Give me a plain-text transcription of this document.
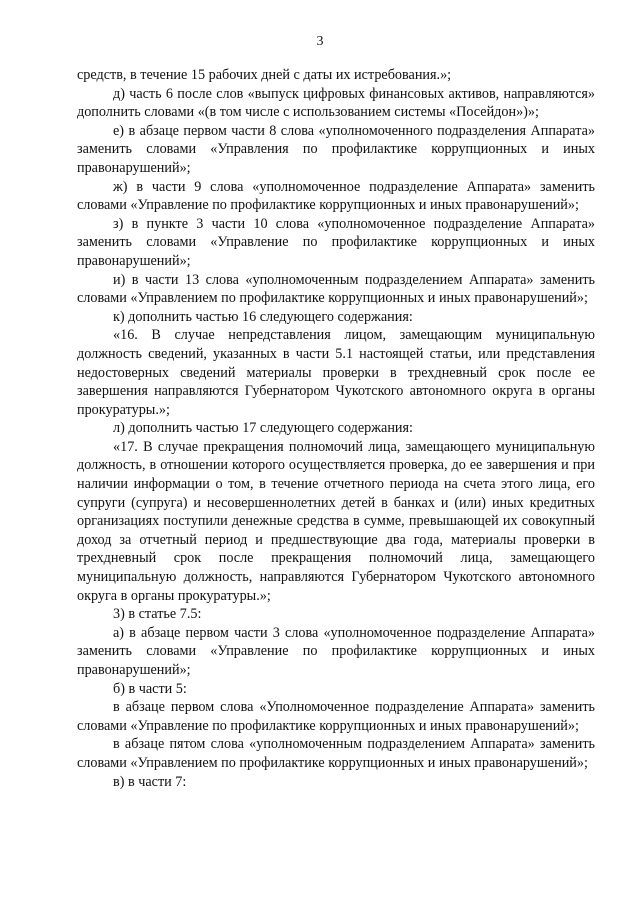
3

средств, в течение 15 рабочих дней с даты их истребования.»;

д) часть 6 после слов «выпуск цифровых финансовых активов, направляются» дополнить словами «(в том числе с использованием системы «Посейдон»)»;

е) в абзаце первом части 8 слова «уполномоченного подразделения Аппарата» заменить словами «Управления по профилактике коррупционных и иных правонарушений»;

ж) в части 9 слова «уполномоченное подразделение Аппарата» заменить словами «Управление по профилактике коррупционных и иных правонарушений»;

з) в пункте 3 части 10 слова «уполномоченное подразделение Аппарата» заменить словами «Управление по профилактике коррупционных и иных правонарушений»;

и) в части 13 слова «уполномоченным подразделением Аппарата» заменить словами «Управлением по профилактике коррупционных и иных правонарушений»;

к) дополнить частью 16 следующего содержания:

«16. В случае непредставления лицом, замещающим муниципальную должность сведений, указанных в части 5.1 настоящей статьи, или представления недостоверных сведений материалы проверки в трехдневный срок после ее завершения направляются Губернатором Чукотского автономного округа в органы прокуратуры.»;

л) дополнить частью 17 следующего содержания:

«17. В случае прекращения полномочий лица, замещающего муниципальную должность, в отношении которого осуществляется проверка, до ее завершения и при наличии информации о том, в течение отчетного периода на счета этого лица, его супруги (супруга) и несовершеннолетних детей в банках и (или) иных кредитных организациях поступили денежные средства в сумме, превышающей их совокупный доход за отчетный период и предшествующие два года, материалы проверки в трехдневный срок после прекращения полномочий лица, замещающего муниципальную должность, направляются Губернатором Чукотского автономного округа в органы прокуратуры.»;

3) в статье 7.5:

а) в абзаце первом части 3 слова «уполномоченное подразделение Аппарата» заменить словами «Управление по профилактике коррупционных и иных правонарушений»;

б) в части 5:

в абзаце первом слова «Уполномоченное подразделение Аппарата» заменить словами «Управление по профилактике коррупционных и иных правонарушений»;

в абзаце пятом слова «уполномоченным подразделением Аппарата» заменить словами «Управлением по профилактике коррупционных и иных правонарушений»;

в) в части 7:
